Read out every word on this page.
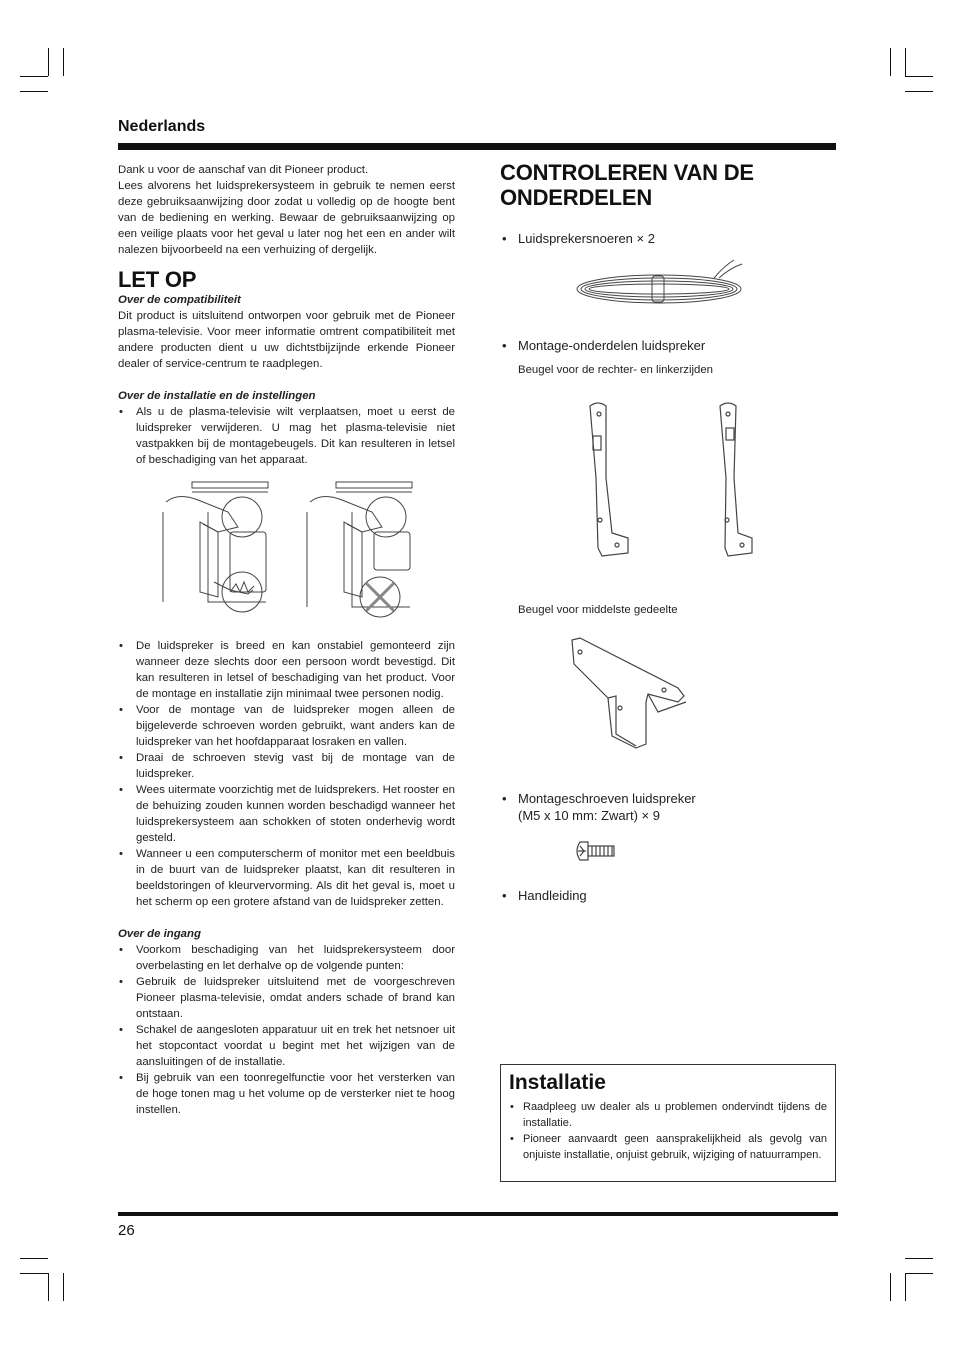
Nederlands

Dank u voor de aanschaf van dit Pioneer product.

Lees alvorens het luidsprekersysteem in gebruik te nemen eerst deze gebruiksaanwijzing door zodat u volledig op de hoogte bent van de bediening en werking. Bewaar de gebruiksaanwijzing op een veilige plaats voor het geval u later nog het een en ander wilt nalezen bijvoorbeeld na een verhuizing of dergelijk.

LET OP

Over de compatibiliteit

Dit product is uitsluitend ontworpen voor gebruik met de Pioneer plasma-televisie. Voor meer informatie omtrent compatibiliteit met andere producten dient u uw dichtstbijzijnde erkende Pioneer dealer of service-centrum te raadplegen.

Over de installatie en de instellingen

• Als u de plasma-televisie wilt verplaatsen, moet u eerst de luidspreker verwijderen. U mag het plasma-televisie niet vastpakken bij de montagebeugels. Dit kan resulteren in letsel of beschadiging van het apparaat.
• De luidspreker is breed en kan onstabiel gemonteerd zijn wanneer deze slechts door een persoon wordt bevestigd. Dit kan resulteren in letsel of beschadiging van het product. Voor de montage en installatie zijn minimaal twee personen nodig.
• Voor de montage van de luidspreker mogen alleen de bijgeleverde schroeven worden gebruikt, want anders kan de luidspreker van het hoofdapparaat losraken en vallen.
• Draai de schroeven stevig vast bij de montage van de luidspreker.
• Wees uitermate voorzichtig met de luidsprekers. Het rooster en de behuizing zouden kunnen worden beschadigd wanneer het luidsprekersysteem aan schokken of stoten onderhevig wordt gesteld.
• Wanneer u een computerscherm of monitor met een beeldbuis in de buurt van de luidspreker plaatst, kan dit resulteren in beeldstoringen of kleurvervorming. Als dit het geval is, moet u het scherm op een grotere afstand van de luidspreker zetten.

Over de ingang

• Voorkom beschadiging van het luidsprekersysteem door overbelasting en let derhalve op de volgende punten:
• Gebruik de luidspreker uitsluitend met de voorgeschreven Pioneer plasma-televisie, omdat anders schade of brand kan ontstaan.
• Schakel de aangesloten apparatuur uit en trek het netsnoer uit het stopcontact voordat u begint met het wijzigen van de aansluitingen of de installatie.
• Bij gebruik van een toonregelfunctie voor het versterken van de hoge tonen mag u het volume op de versterker niet te hoog instellen.
CONTROLEREN VAN DE
ONDERDELEN
• Luidsprekersnoeren × 2
• Montage-onderdelen luidspreker
Beugel voor de rechter- en linkerzijden
Beugel voor middelste gedeelte
• Montageschroeven luidspreker
(M5 x 10 mm: Zwart) × 9
• Handleiding
Installatie
• Raadpleeg uw dealer als u problemen ondervindt tijdens de installatie.
• Pioneer aanvaardt geen aansprakelijkheid als gevolg van onjuiste installatie, onjuist gebruik, wijziging of natuurrampen.
26
